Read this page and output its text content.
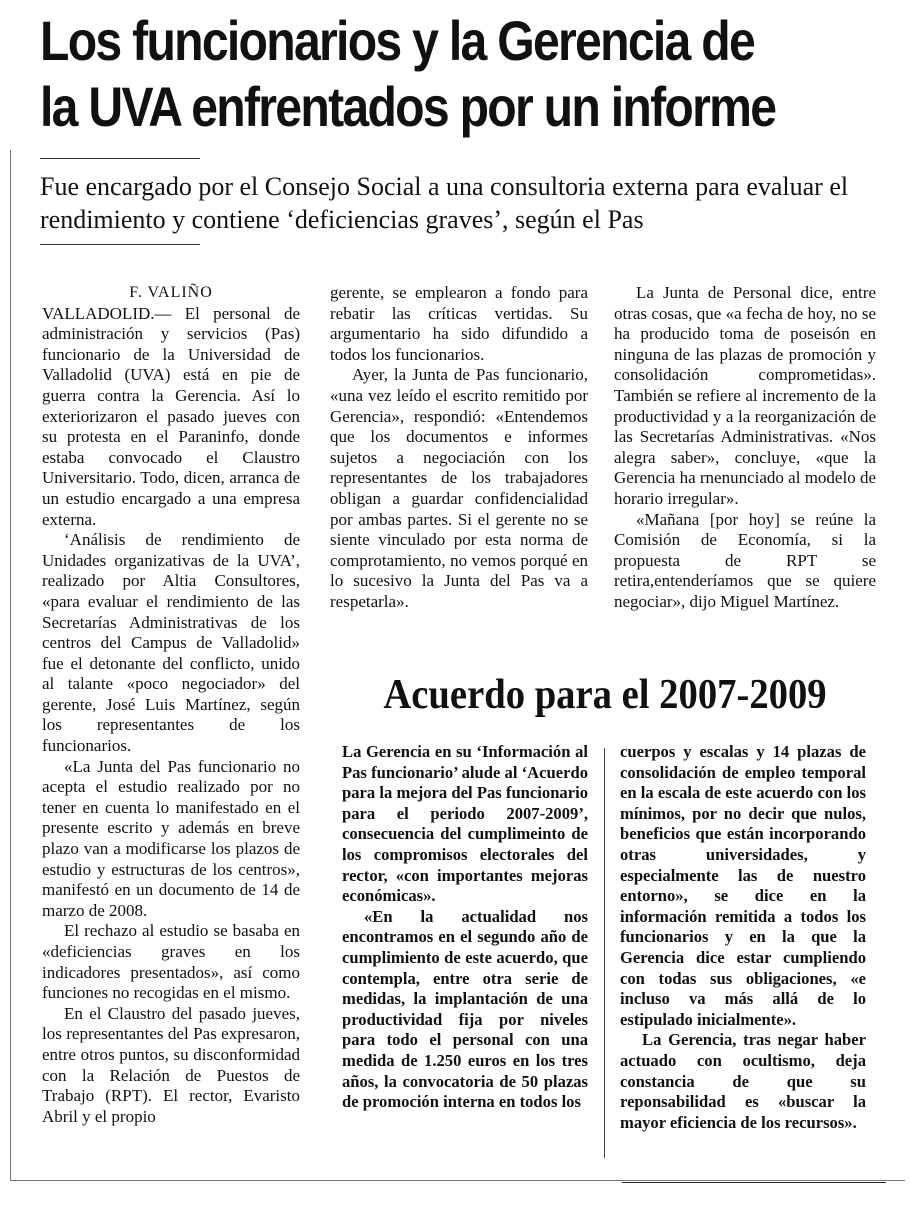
Los funcionarios y la Gerencia de
la UVA enfrentados por un informe

Fue encargado por el Consejo Social a una consultoria externa para evaluar el rendimiento y contiene ‘deficiencias graves’, según el Pas

F. VALIÑO

VALLADOLID.— El personal de administración y servicios (Pas) funcionario de la Universidad de Valladolid (UVA) está en pie de guerra contra la Gerencia. Así lo exteriorizaron el pasado jueves con su protesta en el Paraninfo, donde estaba convocado el Claustro Universitario. Todo, dicen, arranca de un estudio encargado a una empresa externa.

‘Análisis de rendimiento de Unidades organizativas de la UVA’, realizado por Altia Consultores, «para evaluar el rendimiento de las Secretarías Administrativas de los centros del Campus de Valladolid» fue el detonante del conflicto, unido al talante «poco negociador» del gerente, José Luis Martínez, según los representantes de los funcionarios.

«La Junta del Pas funcionario no acepta el estudio realizado por no tener en cuenta lo manifestado en el presente escrito y además en breve plazo van a modificarse los plazos de estudio y estructuras de los centros», manifestó en un documento de 14 de marzo de 2008.

El rechazo al estudio se basaba en «deficiencias graves en los indicadores presentados», así como funciones no recogidas en el mismo.

En el Claustro del pasado jueves, los representantes del Pas expresaron, entre otros puntos, su disconformidad con la Relación de Puestos de Trabajo (RPT). El rector, Evaristo Abril y el propio

gerente, se emplearon a fondo para rebatir las críticas vertidas. Su argumentario ha sido difundido a todos los funcionarios.

Ayer, la Junta de Pas funcionario, «una vez leído el escrito remitido por Gerencia», respondió: «Entendemos que los documentos e informes sujetos a negociación con los representantes de los trabajadores obligan a guardar confidencialidad por ambas partes. Si el gerente no se siente vinculado por esta norma de comprotamiento, no vemos porqué en lo sucesivo la Junta del Pas va a respetarla».

La Junta de Personal dice, entre otras cosas, que «a fecha de hoy, no se ha producido toma de poseisón en ninguna de las plazas de promoción y consolidación comprometidas». También se refiere al incremento de la productividad y a la reorganización de las Secretarías Administrativas. «Nos alegra saber», concluye, «que la Gerencia ha rnenunciado al modelo de horario irregular».

«Mañana [por hoy] se reúne la Comisión de Economía, si la propuesta de RPT se retira,entenderíamos que se quiere negociar», dijo Miguel Martínez.

Acuerdo para el 2007-2009

La Gerencia en su ‘Información al Pas funcionario’ alude al ‘Acuerdo para la mejora del Pas funcionario para el periodo 2007-2009’, consecuencia del cumplimeinto de los compromisos electorales del rector, «con importantes mejoras económicas».

«En la actualidad nos encontramos en el segundo año de cumplimiento de este acuerdo, que contempla, entre otra serie de medidas, la implantación de una productividad fija por niveles para todo el personal con una medida de 1.250 euros en los tres años, la convocatoria de 50 plazas de promoción interna en todos los

cuerpos y escalas y 14 plazas de consolidación de empleo temporal en la escala de este acuerdo con los mínimos, por no decir que nulos, beneficios que están incorporando otras universidades, y especialmente las de nuestro entorno», se dice en la información remitida a todos los funcionarios y en la que la Gerencia dice estar cumpliendo con todas sus obligaciones, «e incluso va más allá de lo estipulado inicialmente».

La Gerencia, tras negar haber actuado con ocultismo, deja constancia de que su reponsabilidad es «buscar la mayor eficiencia de los recursos».
